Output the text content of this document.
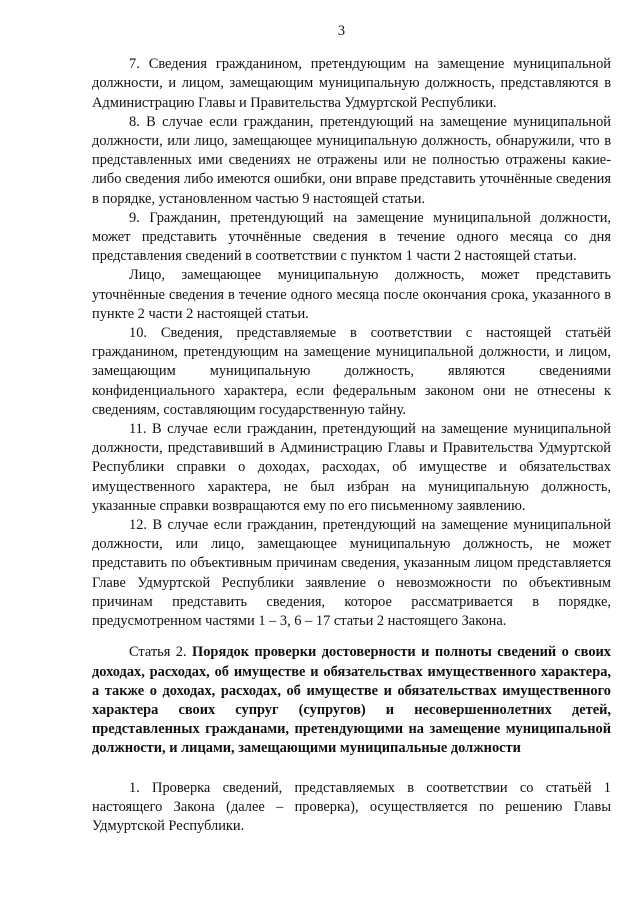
3

7. Сведения гражданином, претендующим на замещение муниципальной должности, и лицом, замещающим муниципальную должность, представляются в Администрацию Главы и Правительства Удмуртской Республики.

8. В случае если гражданин, претендующий на замещение муниципальной должности, или лицо, замещающее муниципальную должность, обнаружили, что в представленных ими сведениях не отражены или не полностью отражены какие-либо сведения либо имеются ошибки, они вправе представить уточнённые сведения в порядке, установленном частью 9 настоящей статьи.

9. Гражданин, претендующий на замещение муниципальной должности, может представить уточнённые сведения в течение одного месяца со дня представления сведений в соответствии с пунктом 1 части 2 настоящей статьи.

Лицо, замещающее муниципальную должность, может представить уточнённые сведения в течение одного месяца после окончания срока, указанного в пункте 2 части 2 настоящей статьи.

10. Сведения, представляемые в соответствии с настоящей статьёй гражданином, претендующим на замещение муниципальной должности, и лицом, замещающим муниципальную должность, являются сведениями конфиденциального характера, если федеральным законом они не отнесены к сведениям, составляющим государственную тайну.

11. В случае если гражданин, претендующий на замещение муниципальной должности, представивший в Администрацию Главы и Правительства Удмуртской Республики справки о доходах, расходах, об имуществе и обязательствах имущественного характера, не был избран на муниципальную должность, указанные справки возвращаются ему по его письменному заявлению.

12. В случае если гражданин, претендующий на замещение муниципальной должности, или лицо, замещающее муниципальную должность, не может представить по объективным причинам сведения, указанным лицом представляется Главе Удмуртской Республики заявление о невозможности по объективным причинам представить сведения, которое рассматривается в порядке, предусмотренном частями 1 – 3, 6 – 17 статьи 2 настоящего Закона.

Статья 2. Порядок проверки достоверности и полноты сведений о своих доходах, расходах, об имуществе и обязательствах имущественного характера, а также о доходах, расходах, об имуществе и обязательствах имущественного характера своих супруг (супругов) и несовершеннолетних детей, представленных гражданами, претендующими на замещение муниципальной должности, и лицами, замещающими муниципальные должности

1. Проверка сведений, представляемых в соответствии со статьёй 1 настоящего Закона (далее – проверка), осуществляется по решению Главы Удмуртской Республики.
